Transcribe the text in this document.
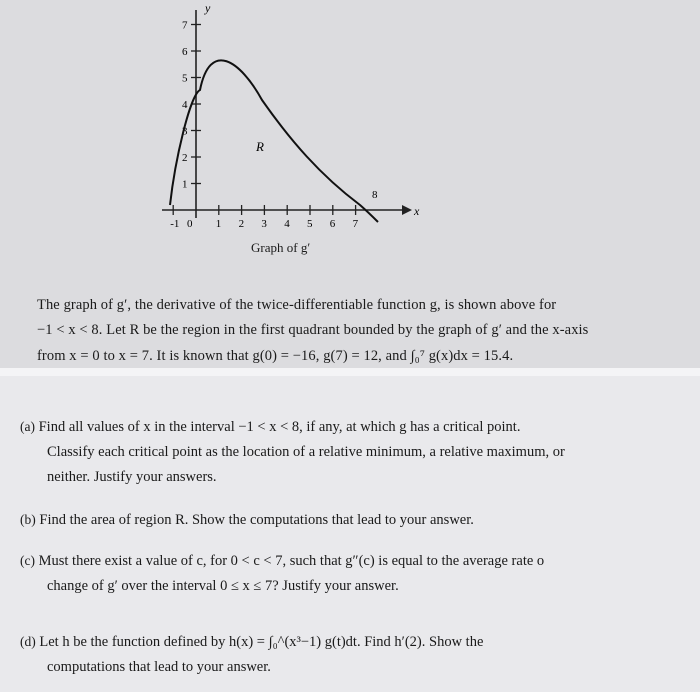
y
x
1
2
3
4
5
6
7
-1 0 1 2 3 4 5 6 7
R
8
Graph of g′
The graph of g′, the derivative of the twice-differentiable function g, is shown above for
−1 < x < 8. Let R be the region in the first quadrant bounded by the graph of g′ and the x-axis
from x = 0 to x = 7. It is known that g(0) = −16, g(7) = 12, and ∫₀⁷ g(x)dx = 15.4.
(a) Find all values of x in the interval −1 < x < 8, if any, at which g has a critical point.
Classify each critical point as the location of a relative minimum, a relative maximum, or
neither. Justify your answers.
(b) Find the area of region R. Show the computations that lead to your answer.
(c) Must there exist a value of c, for 0 < c < 7, such that g″(c) is equal to the average rate o
change of g′ over the interval 0 ≤ x ≤ 7? Justify your answer.
(d) Let h be the function defined by h(x) = ∫₀^(x³−1) g(t)dt. Find h′(2). Show the
computations that lead to your answer.
